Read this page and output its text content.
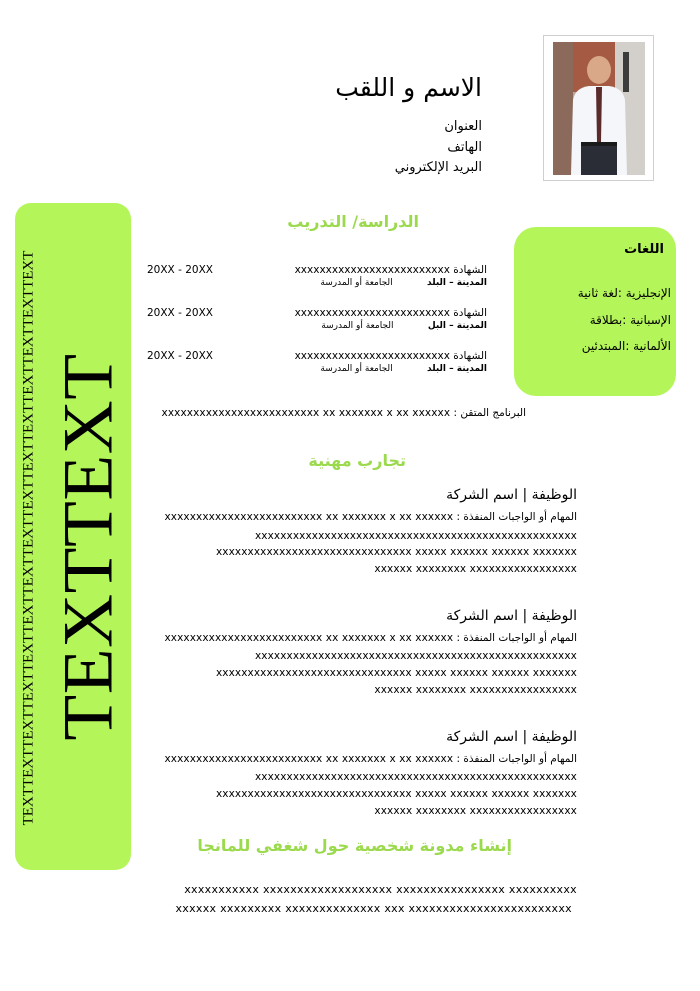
الاسم و اللقب
العنوان
الهاتف
البريد الإلكتروني
TEXTTEXTTEXTTEXTTEXTTEXTTEXTTEXTTEXTTEXTTEXTTEXTTEXTTEXTTEXT TEXTTEXT
اللغات
الإنجليزية :لغة ثانية
الإسبانية :بطلاقة
الألمانية :المبتدئين
الدراسة/ التدريب
الشهادة xxxxxxxxxxxxxxxxxxxxxxxxx
المدينة – البلد            الجامعة أو المدرسة
20XX - 20XX
الشهادة xxxxxxxxxxxxxxxxxxxxxxxxx
المدينة – البل            الجامعة أو المدرسة
20XX - 20XX
الشهادة xxxxxxxxxxxxxxxxxxxxxxxxx
المدينة – البلد            الجامعة أو المدرسة
20XX - 20XX
البرنامج المتقن : xxxxxxxxxxxxxxxxxxxxxxxxx xx xxxxxxx x xx xxxxxx
تجارب مهنية
الوظيفة | اسم الشركة
المهام أو الواجبات المنفذة : xxxxxxxxxxxxxxxxxxxxxxxxx xx xxxxxxx x xx xxxxxx
xxxxxxxxxxxxxxxxxxxxxxxxxxxxxxxxxxxxxxxxxxxxxxxxxxx
xxxxxxxxxxxxxxxxxxxxxxxxxxxxxxx xxxxx xxxxxx xxxxxx xxxxxxx
xxxxxx xxxxxxxx xxxxxxxxxxxxxxxxx
الوظيفة | اسم الشركة
المهام أو الواجبات المنفذة : xxxxxxxxxxxxxxxxxxxxxxxxx xx xxxxxxx x xx xxxxxx
xxxxxxxxxxxxxxxxxxxxxxxxxxxxxxxxxxxxxxxxxxxxxxxxxxx
xxxxxxxxxxxxxxxxxxxxxxxxxxxxxxx xxxxx xxxxxx xxxxxx xxxxxxx
xxxxxx xxxxxxxx xxxxxxxxxxxxxxxxx
الوظيفة | اسم الشركة
المهام أو الواجبات المنفذة : xxxxxxxxxxxxxxxxxxxxxxxxx xx xxxxxxx x xx xxxxxx
xxxxxxxxxxxxxxxxxxxxxxxxxxxxxxxxxxxxxxxxxxxxxxxxxxx
xxxxxxxxxxxxxxxxxxxxxxxxxxxxxxx xxxxx xxxxxx xxxxxx xxxxxxx
xxxxxx xxxxxxxx xxxxxxxxxxxxxxxxx
إنشاء مدونة شخصية حول شغفي للمانجا
xxxxxxxxxxx xxxxxxxxxxxxxxxxxxx xxxxxxxxxxxxxxxx xxxxxxxxxx
xxxxxx xxxxxxxxx xxxxxxxxxxxxxx xxx xxxxxxxxxxxxxxxxxxxxxxxx
